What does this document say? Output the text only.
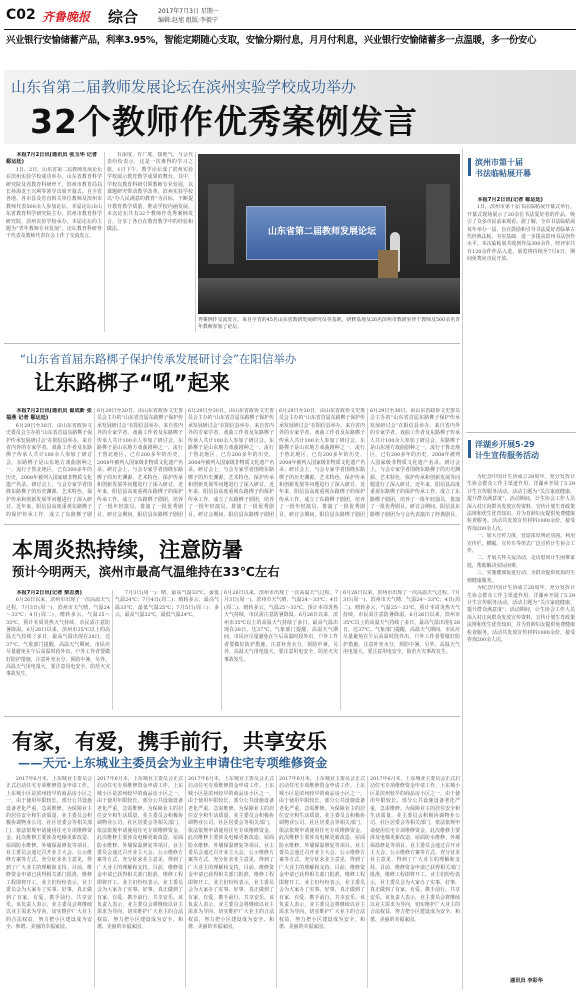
C02 齐鲁晚报 综合	2017年7月3日 星期一
编辑:赵旭 组版:李毅宁
兴业银行安愉储蓄产品，利率3.95%，智能定期随心支取，安愉分期付息，月月付利息，兴业银行安愉储蓄多一点温暖，多一份安心
山东省第二届教师发展论坛在滨州实验学校成功举办
32个教师作优秀案例发言
本报7月2日讯(通讯员 张玉华 记者 郗运廷)
1日，2日，山东省第二届教师发展论坛在滨州实验学校成功举办。山东省教育科学研究院及省教育科研骨干，滨州市教育局局长孙海龙王兴利等领导出席开幕式。自全省各地、各市县及省直相关单位教师及滨州市教师代表500余人参加论坛。本届论坛由山东省教育科学研究院主办，滨州市教育科学研究院、滨州实验学校承办。本届论坛的主题为“青年教师专业发展”，论坛教育科研骨干代表及教师代表在会上作了交流发言。
有深度、有广度、接地气，与会代表纷纷表示，这是一次难得的学习之旅。1日下午，教学论坛成了滨州实验学校展示教育教学成果的舞台。其中，学校以教育科研引领教师专业发展，以课题研究带动教学改革。滨州实验学校以“办人民满意的教育”为目标，不断提升教育教学质量，推动学校内涵发展。本次论坛共有32个教师作优秀案例发言，分享了各自在教育教学中的经验和做法。	山东省第二届教师发展论坛
秀案例作交流发言。来自全省的45名山东省教研发展研究员等基地，研修基地及26名滨州市教研室骨干教师及500余名青年教师参加了论坛。
滨州市第十届
书法临帖展开幕
本报7月2日讯(记者 郗运廷)
1日，滨州市第十届书法临帖展开幕式举行。开幕式现场展示了20余位书法爱好者的作品，吸引了众多市民前来观看。据了解，全市书法临帖展每年举办一届，旨在鼓励和引导书法爱好者临摹古代经典法帖，夯实基础，进一步提高滨州书法创作水平。本次临帖展共收到作品300余件，经评审共有120余件作品入选。展览将持续至7月8日，期间免费向市民开放。
“山东省首届东路梆子保护传承发展研讨会”在阳信举办
让东路梆子“吼”起来
本报7月2日讯(通讯员 翟成新 张福燕 记者 郗运廷)
6月29日至30日，由山东省政协文史委员会主办的“山东省首届东路梆子保护传承发展研讨会”在阳信县举办。来自省内外的专家学者、戏曲工作者及东路梆子传承人共计100余人参加了研讨会。东路梆子是山东地方戏曲剧种之一，流行于鲁北地区，已有200多年的历史，2008年被列入国家级非物质文化遗产名录。研讨会上，与会专家学者围绕东路梆子的历史渊源、艺术特色、保护传承和创新发展等问题进行了深入研讨。近年来，阳信县高度重视东路梆子的保护传承工作，成立了东路梆子剧
6月29日至30日，由山东省政协文史委员会主办的“山东省首届东路梆子保护传承发展研讨会”在阳信县举办。来自省内外的专家学者、戏曲工作者及东路梆子传承人共计100余人参加了研讨会。东路梆子是山东地方戏曲剧种之一，流行于鲁北地区，已有200多年的历史，2008年被列入国家级非物质文化遗产名录。研讨会上，与会专家学者围绕东路梆子的历史渊源、艺术特色、保护传承和创新发展等问题进行了深入研讨。近年来，阳信县高度重视东路梆子的保护传承工作，成立了东路梆子剧团，培养了一批年轻演员，排演了一批优秀剧目。研讨会期间，阳信县东路梆子剧团
6月29日至30日，由山东省政协文史委员会主办的“山东省首届东路梆子保护传承发展研讨会”在阳信县举办。来自省内外的专家学者、戏曲工作者及东路梆子传承人共计100余人参加了研讨会。东路梆子是山东地方戏曲剧种之一，流行于鲁北地区，已有200多年的历史，2008年被列入国家级非物质文化遗产名录。研讨会上，与会专家学者围绕东路梆子的历史渊源、艺术特色、保护传承和创新发展等问题进行了深入研讨。近年来，阳信县高度重视东路梆子的保护传承工作，成立了东路梆子剧团，培养了一批年轻演员，排演了一批优秀剧目。研讨会期间，阳信县东路梆子剧团
6月29日至30日，由山东省政协文史委员会主办的“山东省首届东路梆子保护传承发展研讨会”在阳信县举办。来自省内外的专家学者、戏曲工作者及东路梆子传承人共计100余人参加了研讨会。东路梆子是山东地方戏曲剧种之一，流行于鲁北地区，已有200多年的历史，2008年被列入国家级非物质文化遗产名录。研讨会上，与会专家学者围绕东路梆子的历史渊源、艺术特色、保护传承和创新发展等问题进行了深入研讨。近年来，阳信县高度重视东路梆子的保护传承工作，成立了东路梆子剧团，培养了一批年轻演员，排演了一批优秀剧目。研讨会期间，阳信县东路梆子剧团
6月29日至30日，由山东省政协文史委员会主办的“山东省首届东路梆子保护传承发展研讨会”在阳信县举办。来自省内外的专家学者、戏曲工作者及东路梆子传承人共计100余人参加了研讨会。东路梆子是山东地方戏曲剧种之一，流行于鲁北地区，已有200多年的历史，2008年被列入国家级非物质文化遗产名录。研讨会上，与会专家学者围绕东路梆子的历史渊源、艺术特色、保护传承和创新发展等问题进行了深入研讨。近年来，阳信县高度重视东路梆子的保护传承工作，成立了东路梆子剧团，培养了一批年轻演员，排演了一批优秀剧目。研讨会期间，阳信县东路梆子剧团为与会代表演出了经典剧目，
洋湖乡开展5·29
计生宣传服务活动
为纪念中国计生协成立28周年，充分发挥计生协会群众工作主渠道作用，洋湖乡开展了5·29计生宣传服务活动。活动主题为“关注家庭健康、提升群众满意度”。活动期间，计生协会工作人员深入村庄向群众发放宣传资料，宣传计划生育政策法规和优生优育知识，并为育龄妇女提供免费健康检查服务。活动共发放宣传材料1000余份，接受咨询200余人次。
一、加大宣传力度，营造浓厚舆论氛围。利用宣传栏、横幅、宣传车等形式广泛宣传计生协会工作。
二、开展关怀关爱活动，走访慰问计生困难家庭，帮助解决实际困难。
三、实施健康促进行动，为群众提供优质的生殖健康服务。
为纪念中国计生协成立28周年，充分发挥计生协会群众工作主渠道作用，洋湖乡开展了5·29计生宣传服务活动。活动主题为“关注家庭健康、提升群众满意度”。活动期间，计生协会工作人员深入村庄向群众发放宣传资料，宣传计划生育政策法规和优生优育知识，并为育龄妇女提供免费健康检查服务。活动共发放宣传材料1000余份，接受咨询200余人次。
通讯员 李彩华
本周炎热持续，注意防暑
预计今明两天，滨州市最高气温维持在33℃左右
本报7月2日讯(记者 柴志勇)
6月26日以来，滨州市出现了一次高温天气过程。7月3日(周一)，滨州市天气晴，气温24～33℃；4日(周二)，晴转多云，气温25～33℃。预计本周炎热天气持续，市民需注意防暑降温。6月26日以来，滨州市35℃以上的高温天气持续了多日，最高气温出现在28日，达37℃。气象部门提醒，高温天气期间，市民应尽量避免在午后高温时段外出，户外工作者要做好防护措施，注意补充水分，预防中暑。另外，高温天气用电量大，要注意用电安全，防范火灾事故发生。
7月3日(周一)：晴，最高气温33℃，最低气温24℃；7月4日(周二)：晴转多云，最高气温33℃，最低气温25℃；7月5日(周三)：多云，最高气温32℃，最低气温24℃。
6月26日以来，滨州市出现了一次高温天气过程。7月3日(周一)，滨州市天气晴，气温24～33℃；4日(周二)，晴转多云，气温25～33℃。预计本周炎热天气持续，市民需注意防暑降温。6月26日以来，滨州市35℃以上的高温天气持续了多日，最高气温出现在28日，达37℃。气象部门提醒，高温天气期间，市民应尽量避免在午后高温时段外出，户外工作者要做好防护措施，注意补充水分，预防中暑。另外，高温天气用电量大，要注意用电安全，防范火灾事故发生。
6月26日以来，滨州市出现了一次高温天气过程。7月3日(周一)，滨州市天气晴，气温24～33℃；4日(周二)，晴转多云，气温25～33℃。预计本周炎热天气持续，市民需注意防暑降温。6月26日以来，滨州市35℃以上的高温天气持续了多日，最高气温出现在28日，达37℃。气象部门提醒，高温天气期间，市民应尽量避免在午后高温时段外出，户外工作者要做好防护措施，注意补充水分，预防中暑。另外，高温天气用电量大，要注意用电安全，防范火灾事故发生。
有家，有爱，携手前行，共享安乐
——天元·上东城业主委员会为业主申请住宅专项维修资金
2017年6月末，上东城业主委员会正式启动住宅专项维修资金申请工作。上东城小区是滨州较早的商品房小区之一，由于使用年限较长，部分公共设施设备老化严重，急需维修。为保障业主的居住安全和生活质量，业主委员会积极协调物业公司、社区居委会等相关部门，依法依规申请使用住宅专项维修资金。此次维修主要涉及电梯更新改造、屋面防水维修、外墙保温修复等项目。业主委员会通过召开业主大会、公示维修方案等方式，充分征求业主意见，得到了广大业主的理解和支持。目前，维修资金申请已获得相关部门批准，维修工程即将开工。业主们纷纷表示，业主委员会为大家办了实事、好事，真正做到了有家、有爱、携手前行、共享安乐。该负责人表示，业主委员会将继续以业主需求为导向，切实维护广大业主的合法权益，努力把小区建设成为安全、和谐、美丽的幸福家园。
2017年6月末，上东城业主委员会正式启动住宅专项维修资金申请工作。上东城小区是滨州较早的商品房小区之一，由于使用年限较长，部分公共设施设备老化严重，急需维修。为保障业主的居住安全和生活质量，业主委员会积极协调物业公司、社区居委会等相关部门，依法依规申请使用住宅专项维修资金。此次维修主要涉及电梯更新改造、屋面防水维修、外墙保温修复等项目。业主委员会通过召开业主大会、公示维修方案等方式，充分征求业主意见，得到了广大业主的理解和支持。目前，维修资金申请已获得相关部门批准，维修工程即将开工。业主们纷纷表示，业主委员会为大家办了实事、好事，真正做到了有家、有爱、携手前行、共享安乐。该负责人表示，业主委员会将继续以业主需求为导向，切实维护广大业主的合法权益，努力把小区建设成为安全、和谐、美丽的幸福家园。
2017年6月末，上东城业主委员会正式启动住宅专项维修资金申请工作。上东城小区是滨州较早的商品房小区之一，由于使用年限较长，部分公共设施设备老化严重，急需维修。为保障业主的居住安全和生活质量，业主委员会积极协调物业公司、社区居委会等相关部门，依法依规申请使用住宅专项维修资金。此次维修主要涉及电梯更新改造、屋面防水维修、外墙保温修复等项目。业主委员会通过召开业主大会、公示维修方案等方式，充分征求业主意见，得到了广大业主的理解和支持。目前，维修资金申请已获得相关部门批准，维修工程即将开工。业主们纷纷表示，业主委员会为大家办了实事、好事，真正做到了有家、有爱、携手前行、共享安乐。该负责人表示，业主委员会将继续以业主需求为导向，切实维护广大业主的合法权益，努力把小区建设成为安全、和谐、美丽的幸福家园。
2017年6月末，上东城业主委员会正式启动住宅专项维修资金申请工作。上东城小区是滨州较早的商品房小区之一，由于使用年限较长，部分公共设施设备老化严重，急需维修。为保障业主的居住安全和生活质量，业主委员会积极协调物业公司、社区居委会等相关部门，依法依规申请使用住宅专项维修资金。此次维修主要涉及电梯更新改造、屋面防水维修、外墙保温修复等项目。业主委员会通过召开业主大会、公示维修方案等方式，充分征求业主意见，得到了广大业主的理解和支持。目前，维修资金申请已获得相关部门批准，维修工程即将开工。业主们纷纷表示，业主委员会为大家办了实事、好事，真正做到了有家、有爱、携手前行、共享安乐。该负责人表示，业主委员会将继续以业主需求为导向，切实维护广大业主的合法权益，努力把小区建设成为安全、和谐、美丽的幸福家园。
2017年6月末，上东城业主委员会正式启动住宅专项维修资金申请工作。上东城小区是滨州较早的商品房小区之一，由于使用年限较长，部分公共设施设备老化严重，急需维修。为保障业主的居住安全和生活质量，业主委员会积极协调物业公司、社区居委会等相关部门，依法依规申请使用住宅专项维修资金。此次维修主要涉及电梯更新改造、屋面防水维修、外墙保温修复等项目。业主委员会通过召开业主大会、公示维修方案等方式，充分征求业主意见，得到了广大业主的理解和支持。目前，维修资金申请已获得相关部门批准，维修工程即将开工。业主们纷纷表示，业主委员会为大家办了实事、好事，真正做到了有家、有爱、携手前行、共享安乐。该负责人表示，业主委员会将继续以业主需求为导向，切实维护广大业主的合法权益，努力把小区建设成为安全、和谐、美丽的幸福家园。
